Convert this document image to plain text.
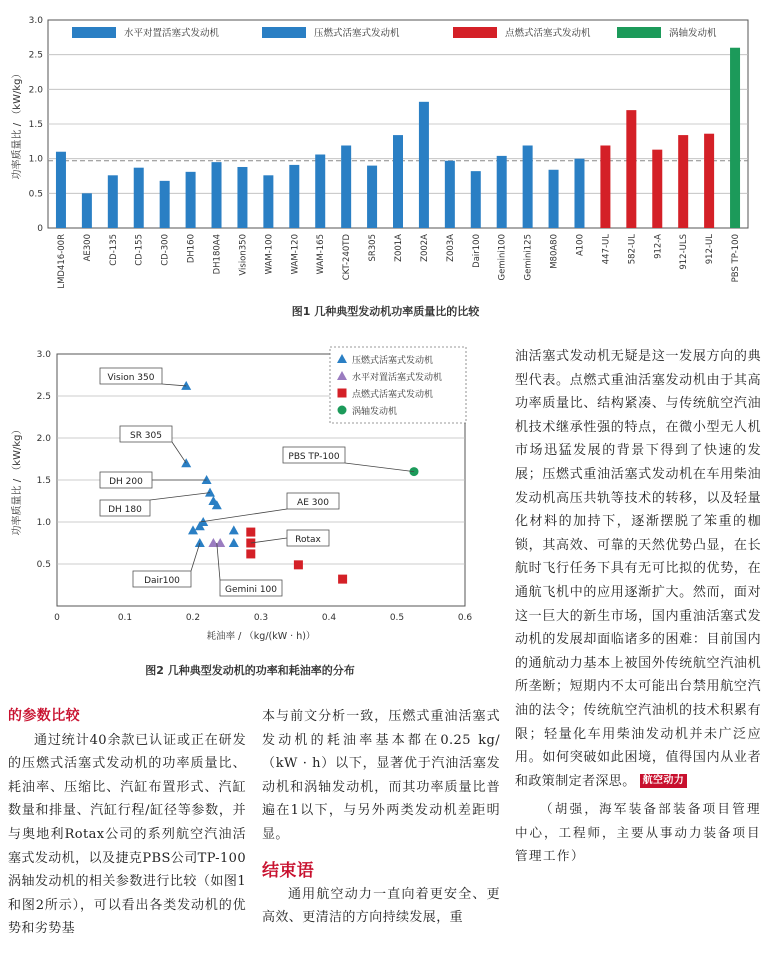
0
0.5
1.0
1.5
2.0
2.5
3.0
功率质量比 / （kW/kg）
LMD416-00R AE300 CD-135 CD-155 CD-300 DH160 DH180A4 Vision350 WAM-100 WAM-120 WAM-165 CKT-240TD SR305 Z001A Z002A Z003A Dair100 Gemini100 Gemini125 M80A80 A100 447-UL 582-UL 912-A 912-ULS 912-UL PBS TP-100
水平对置活塞式发动机	压燃式活塞式发动机	点燃式活塞式发动机	涡轴发动机
图1 几种典型发动机功率质量比的比较
0.5
1.0
1.5
2.0
2.5
3.0
0	0.1	0.2	0.3	0.4	0.5	0.6
耗油率 / （kg/(kW · h)）
功率质量比 / （kW/kg）
Vision 350
SR 305
DH 200
DH 180
AE 300
PBS TP-100
Rotax
Dair100
Gemini 100
压燃式活塞式发动机
水平对置活塞式发动机
点燃式活塞式发动机
涡轴发动机
图2 几种典型发动机的功率和耗油率的分布

的参数比较

通过统计40余款已认证或正在研发的压燃式活塞式发动机的功率质量比、耗油率、压缩比、汽缸布置形式、汽缸数量和排量、汽缸行程/缸径等参数，并与奥地利Rotax公司的系列航空汽油活塞式发动机，以及捷克PBS公司TP-100涡轴发动机的相关参数进行比较（如图1和图2所示），可以看出各类发动机的优势和劣势基

本与前文分析一致，压燃式重油活塞式发动机的耗油率基本都在0.25 kg/（kW · h）以下，显著优于汽油活塞发动机和涡轴发动机，而其功率质量比普遍在1以下，与另外两类发动机差距明显。

结束语

通用航空动力一直向着更安全、更高效、更清洁的方向持续发展，重

油活塞式发动机无疑是这一发展方向的典型代表。点燃式重油活塞发动机由于其高功率质量比、结构紧凑、与传统航空汽油机技术继承性强的特点，在微小型无人机市场迅猛发展的背景下得到了快速的发展；压燃式重油活塞式发动机在车用柴油发动机高压共轨等技术的转移，以及轻量化材料的加持下，逐渐摆脱了笨重的枷锁，其高效、可靠的天然优势凸显，在长航时飞行任务下具有无可比拟的优势，在通航飞机中的应用逐渐扩大。然而，面对这一巨大的新生市场，国内重油活塞式发动机的发展却面临诸多的困难：目前国内的通航动力基本上被国外传统航空汽油机所垄断；短期内不太可能出台禁用航空汽油的法令；传统航空汽油机的技术积累有限；轻量化车用柴油发动机并未广泛应用。如何突破如此困境，值得国内从业者和政策制定者深思。 航空动力

（胡强，海军装备部装备项目管理中心，工程师，主要从事动力装备项目管理工作）
